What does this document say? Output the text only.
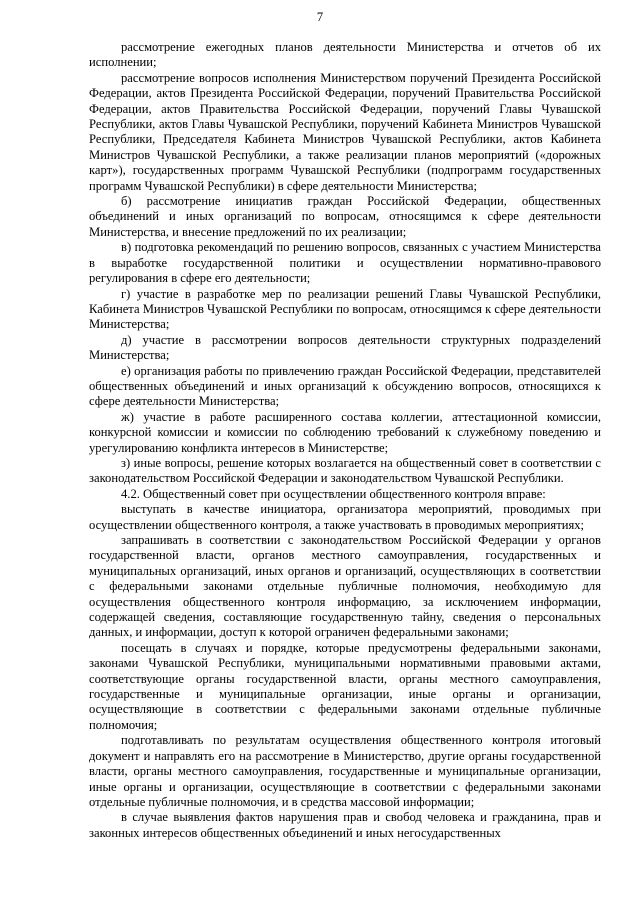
7

рассмотрение ежегодных планов деятельности Министерства и отчетов об их исполнении;

рассмотрение вопросов исполнения Министерством поручений Президента Российской Федерации, актов Президента Российской Федерации, поручений Правительства Российской Федерации, актов Правительства Российской Федерации, поручений Главы Чувашской Республики, актов Главы Чувашской Республики, поручений Кабинета Министров Чувашской Республики, Председателя Кабинета Министров Чувашской Республики, актов Кабинета Министров Чувашской Республики, а также реализации планов мероприятий («дорожных карт»), государственных программ Чувашской Республики (подпрограмм государственных программ Чувашской Республики) в сфере деятельности Министерства;

б) рассмотрение инициатив граждан Российской Федерации, общественных объединений и иных организаций по вопросам, относящимся к сфере деятельности Министерства, и внесение предложений по их реализации;

в) подготовка рекомендаций по решению вопросов, связанных с участием Министерства в выработке государственной политики и осуществлении нормативно-правового регулирования в сфере его деятельности;

г) участие в разработке мер по реализации решений Главы Чувашской Республики, Кабинета Министров Чувашской Республики по вопросам, относящимся к сфере деятельности Министерства;

д) участие в рассмотрении вопросов деятельности структурных подразделений Министерства;

е) организация работы по привлечению граждан Российской Федерации, представителей общественных объединений и иных организаций к обсуждению вопросов, относящихся к сфере деятельности Министерства;

ж) участие в работе расширенного состава коллегии, аттестационной комиссии, конкурсной комиссии и комиссии по соблюдению требований к служебному поведению и урегулированию конфликта интересов в Министерстве;

з) иные вопросы, решение которых возлагается на общественный совет в соответствии с законодательством Российской Федерации и законодательством Чувашской Республики.

4.2. Общественный совет при осуществлении общественного контроля вправе:

выступать в качестве инициатора, организатора мероприятий, проводимых при осуществлении общественного контроля, а также участвовать в проводимых мероприятиях;

запрашивать в соответствии с законодательством Российской Федерации у органов государственной власти, органов местного самоуправления, государственных и муниципальных организаций, иных органов и организаций, осуществляющих в соответствии с федеральными законами отдельные публичные полномочия, необходимую для осуществления общественного контроля информацию, за исключением информации, содержащей сведения, составляющие государственную тайну, сведения о персональных данных, и информации, доступ к которой ограничен федеральными законами;

посещать в случаях и порядке, которые предусмотрены федеральными законами, законами Чувашской Республики, муниципальными нормативными правовыми актами, соответствующие органы государственной власти, органы местного самоуправления, государственные и муниципальные организации, иные органы и организации, осуществляющие в соответствии с федеральными законами отдельные публичные полномочия;

подготавливать по результатам осуществления общественного контроля итоговый документ и направлять его на рассмотрение в Министерство, другие органы государственной власти, органы местного самоуправления, государственные и муниципальные организации, иные органы и организации, осуществляющие в соответствии с федеральными законами отдельные публичные полномочия, и в средства массовой информации;

в случае выявления фактов нарушения прав и свобод человека и гражданина, прав и законных интересов общественных объединений и иных негосударственных
